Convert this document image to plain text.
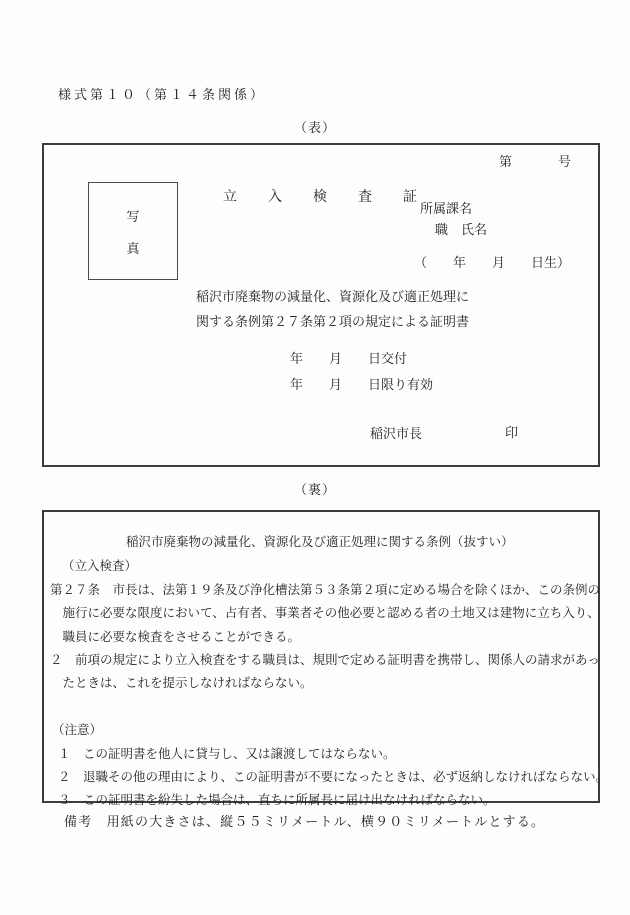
様式第１０（第１４条関係）
（表）
第	号
写
真
立　　入　　検　　査　　証
所属課名
職　氏名
（　　年　　月　　日生）
稲沢市廃棄物の減量化、資源化及び適正処理に
関する条例第２７条第２項の規定による証明書
年　　月　　日交付
年　　月　　日限り有効
稲沢市長	印
（裏）
稲沢市廃棄物の減量化、資源化及び適正処理に関する条例（抜すい）
（立入検査）
第２７条　市長は、法第１９条及び浄化槽法第５３条第２項に定める場合を除くほか、この条例の
　施行に必要な限度において、占有者、事業者その他必要と認める者の土地又は建物に立ち入り、
　職員に必要な検査をさせることができる。
２　前項の規定により立入検査をする職員は、規則で定める証明書を携帯し、関係人の請求があっ
　たときは、これを提示しなければならない。
（注意）
１　この証明書を他人に貸与し、又は譲渡してはならない。
２　退職その他の理由により、この証明書が不要になったときは、必ず返納しなければならない。
３　この証明書を紛失した場合は、直ちに所属長に届け出なければならない。
備考　用紙の大きさは、縦５５ミリメートル、横９０ミリメートルとする。
